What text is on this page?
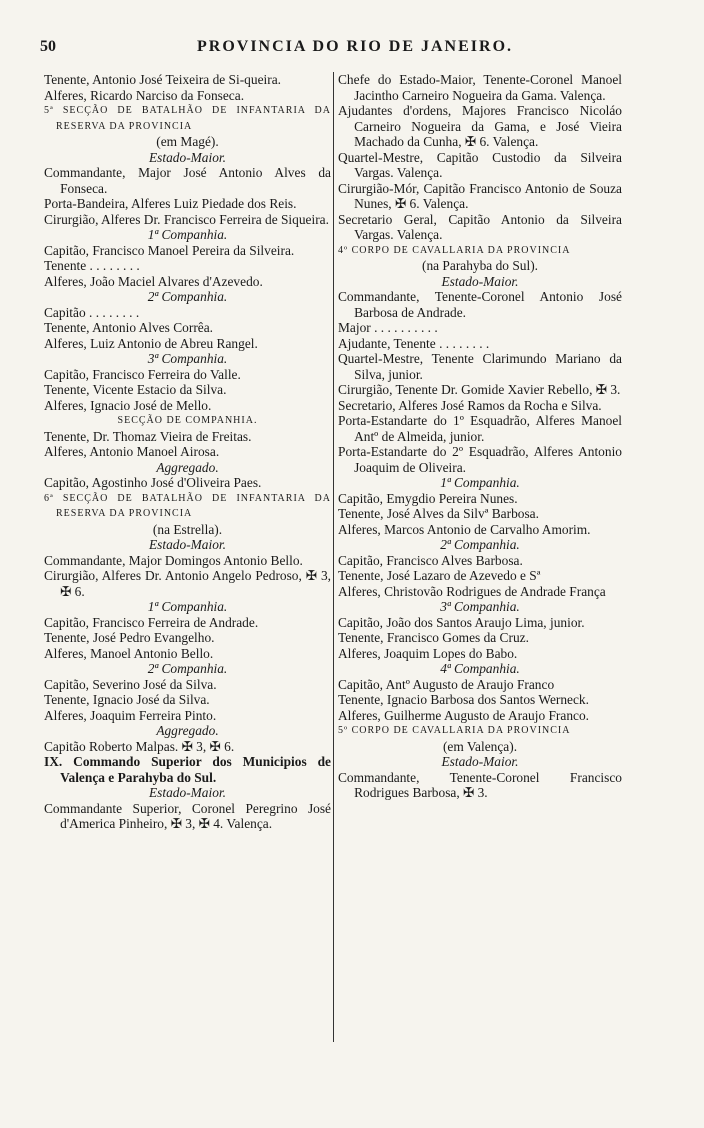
50	PROVINCIA DO RIO DE JANEIRO.
Tenente, Antonio José Teixeira de Si-queira.
Alferes, Ricardo Narciso da Fonseca.
5ª SECÇÃO DE BATALHÃO DE INFANTARIA DA RESERVA DA PROVINCIA
(em Magé).
Estado-Maior.
Commandante, Major José Antonio Alves da Fonseca.
Porta-Bandeira, Alferes Luiz Piedade dos Reis.
Cirurgião, Alferes Dr. Francisco Ferreira de Siqueira.
1ª Companhia.
Capitão, Francisco Manoel Pereira da Silveira.
Tenente . . . . . . . .
Alferes, João Maciel Alvares d'Azevedo.
2ª Companhia.
Capitão . . . . . . . .
Tenente, Antonio Alves Corrêa.
Alferes, Luiz Antonio de Abreu Rangel.
3ª Companhia.
Capitão, Francisco Ferreira do Valle.
Tenente, Vicente Estacio da Silva.
Alferes, Ignacio José de Mello.
SECÇÃO DE COMPANHIA.
Tenente, Dr. Thomaz Vieira de Freitas.
Alferes, Antonio Manoel Airosa.
Aggregado.
Capitão, Agostinho José d'Oliveira Paes.
6ª SECÇÃO DE BATALHÃO DE INFANTARIA DA RESERVA DA PROVINCIA
(na Estrella).
Estado-Maior.
Commandante, Major Domingos Antonio Bello.
Cirurgião, Alferes Dr. Antonio Angelo Pedroso, ✠ 3, ✠ 6.
1ª Companhia.
Capitão, Francisco Ferreira de Andrade.
Tenente, José Pedro Evangelho.
Alferes, Manoel Antonio Bello.
2ª Companhia.
Capitão, Severino José da Silva.
Tenente, Ignacio José da Silva.
Alferes, Joaquim Ferreira Pinto.
Aggregado.
Capitão Roberto Malpas. ✠ 3, ✠ 6.
IX. Commando Superior dos Municipios de Valença e Parahyba do Sul.
Estado-Maior.
Commandante Superior, Coronel Peregrino José d'America Pinheiro, ✠ 3, ✠ 4. Valença.
Chefe do Estado-Maior, Tenente-Coronel Manoel Jacintho Carneiro Nogueira da Gama. Valença.
Ajudantes d'ordens, Majores Francisco Nicoláo Carneiro Nogueira da Gama, e José Vieira Machado da Cunha, ✠ 6. Valença.
Quartel-Mestre, Capitão Custodio da Silveira Vargas. Valença.
Cirurgião-Mór, Capitão Francisco Antonio de Souza Nunes, ✠ 6. Valença.
Secretario Geral, Capitão Antonio da Silveira Vargas. Valença.
4º CORPO DE CAVALLARIA DA PROVINCIA
(na Parahyba do Sul).
Estado-Maior.
Commandante, Tenente-Coronel Antonio José Barbosa de Andrade.
Major . . . . . . . . . .
Ajudante, Tenente . . . . . . . .
Quartel-Mestre, Tenente Clarimundo Mariano da Silva, junior.
Cirurgião, Tenente Dr. Gomide Xavier Rebello, ✠ 3.
Secretario, Alferes José Ramos da Rocha e Silva.
Porta-Estandarte do 1º Esquadrão, Alferes Manoel Antº de Almeida, junior.
Porta-Estandarte do 2º Esquadrão, Alferes Antonio Joaquim de Oliveira.
1ª Companhia.
Capitão, Emygdio Pereira Nunes.
Tenente, José Alves da Silvª Barbosa.
Alferes, Marcos Antonio de Carvalho Amorim.
2ª Companhia.
Capitão, Francisco Alves Barbosa.
Tenente, José Lazaro de Azevedo e Sª
Alferes, Christovão Rodrigues de Andrade França
3ª Companhia.
Capitão, João dos Santos Araujo Lima, junior.
Tenente, Francisco Gomes da Cruz.
Alferes, Joaquim Lopes do Babo.
4ª Companhia.
Capitão, Antº Augusto de Araujo Franco
Tenente, Ignacio Barbosa dos Santos Werneck.
Alferes, Guilherme Augusto de Araujo Franco.
5º CORPO DE CAVALLARIA DA PROVINCIA
(em Valença).
Estado-Maior.
Commandante, Tenente-Coronel Francisco Rodrigues Barbosa, ✠ 3.
